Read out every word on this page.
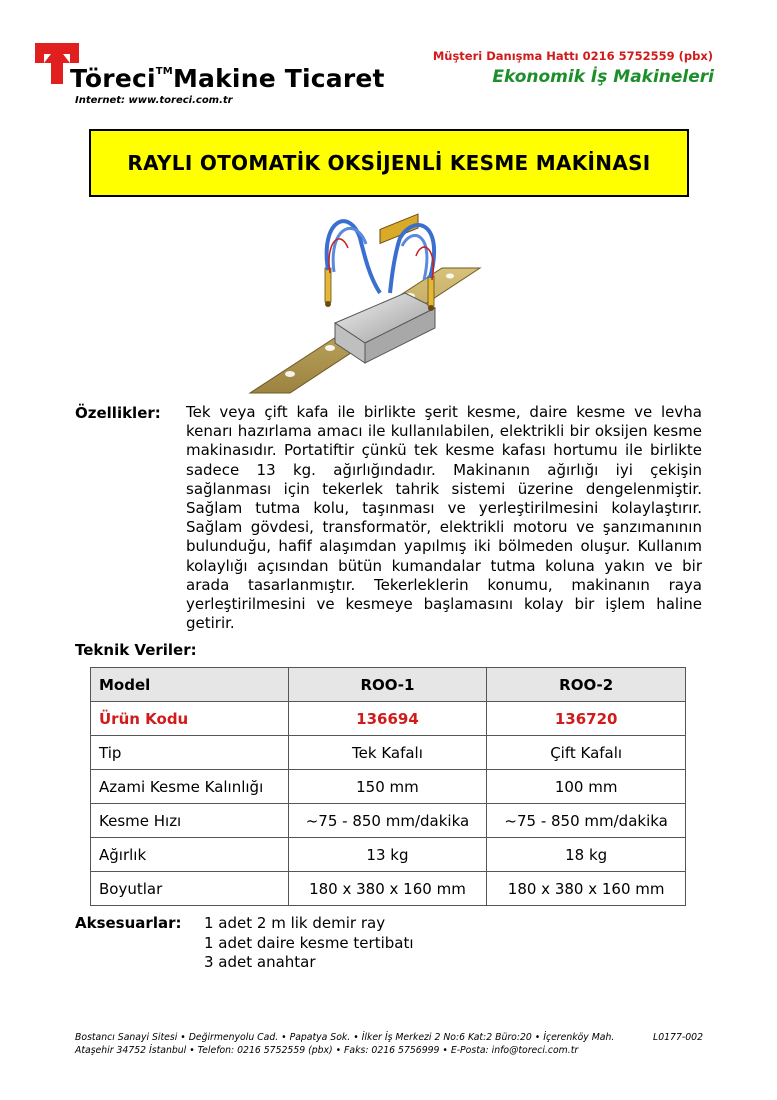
Töreci™Makine Ticaret
Internet: www.toreci.com.tr
Müşteri Danışma Hattı 0216 5752559 (pbx)
Ekonomik İş Makineleri
RAYLI OTOMATİK OKSİJENLİ KESME MAKİNASI
Özellikler: Tek veya çift kafa ile birlikte şerit kesme, daire kesme ve levha kenarı hazırlama amacı ile kullanılabilen, elektrikli bir oksijen kesme makinasıdır. Portatiftir çünkü tek kesme kafası hortumu ile birlikte sadece 13 kg. ağırlığındadır. Makinanın ağırlığı iyi çekişin sağlanması için tekerlek tahrik sistemi üzerine dengelenmiştir. Sağlam tutma kolu, taşınması ve yerleştirilmesini kolaylaştırır. Sağlam gövdesi, transformatör, elektrikli motoru ve şanzımanının bulunduğu, hafif alaşımdan yapılmış iki bölmeden oluşur. Kullanım kolaylığı açısından bütün kumandalar tutma koluna yakın ve bir arada tasarlanmıştır. Tekerleklerin konumu, makinanın raya yerleştirilmesini ve kesmeye başlamasını kolay bir işlem haline getirir.

Teknik Veriler:
Model	ROO-1	ROO-2
Ürün Kodu	136694	136720
Tip	Tek Kafalı	Çift Kafalı
Azami Kesme Kalınlığı	150 mm	100 mm
Kesme Hızı	~75 - 850 mm/dakika	~75 - 850 mm/dakika
Ağırlık	13 kg	18 kg
Boyutlar	180 x 380 x 160 mm	180 x 380 x 160 mm
Aksesuarlar: 1 adet 2 m lik demir ray
1 adet daire kesme tertibatı
3 adet anahtar
Bostancı Sanayi Sitesi • Değirmenyolu Cad. • Papatya Sok. • İlker İş Merkezi 2 No:6 Kat:2 Büro:20 • İçerenköy Mah.	L0177-002
Ataşehir 34752 İstanbul • Telefon: 0216 5752559 (pbx) • Faks: 0216 5756999 • E-Posta: info@toreci.com.tr
